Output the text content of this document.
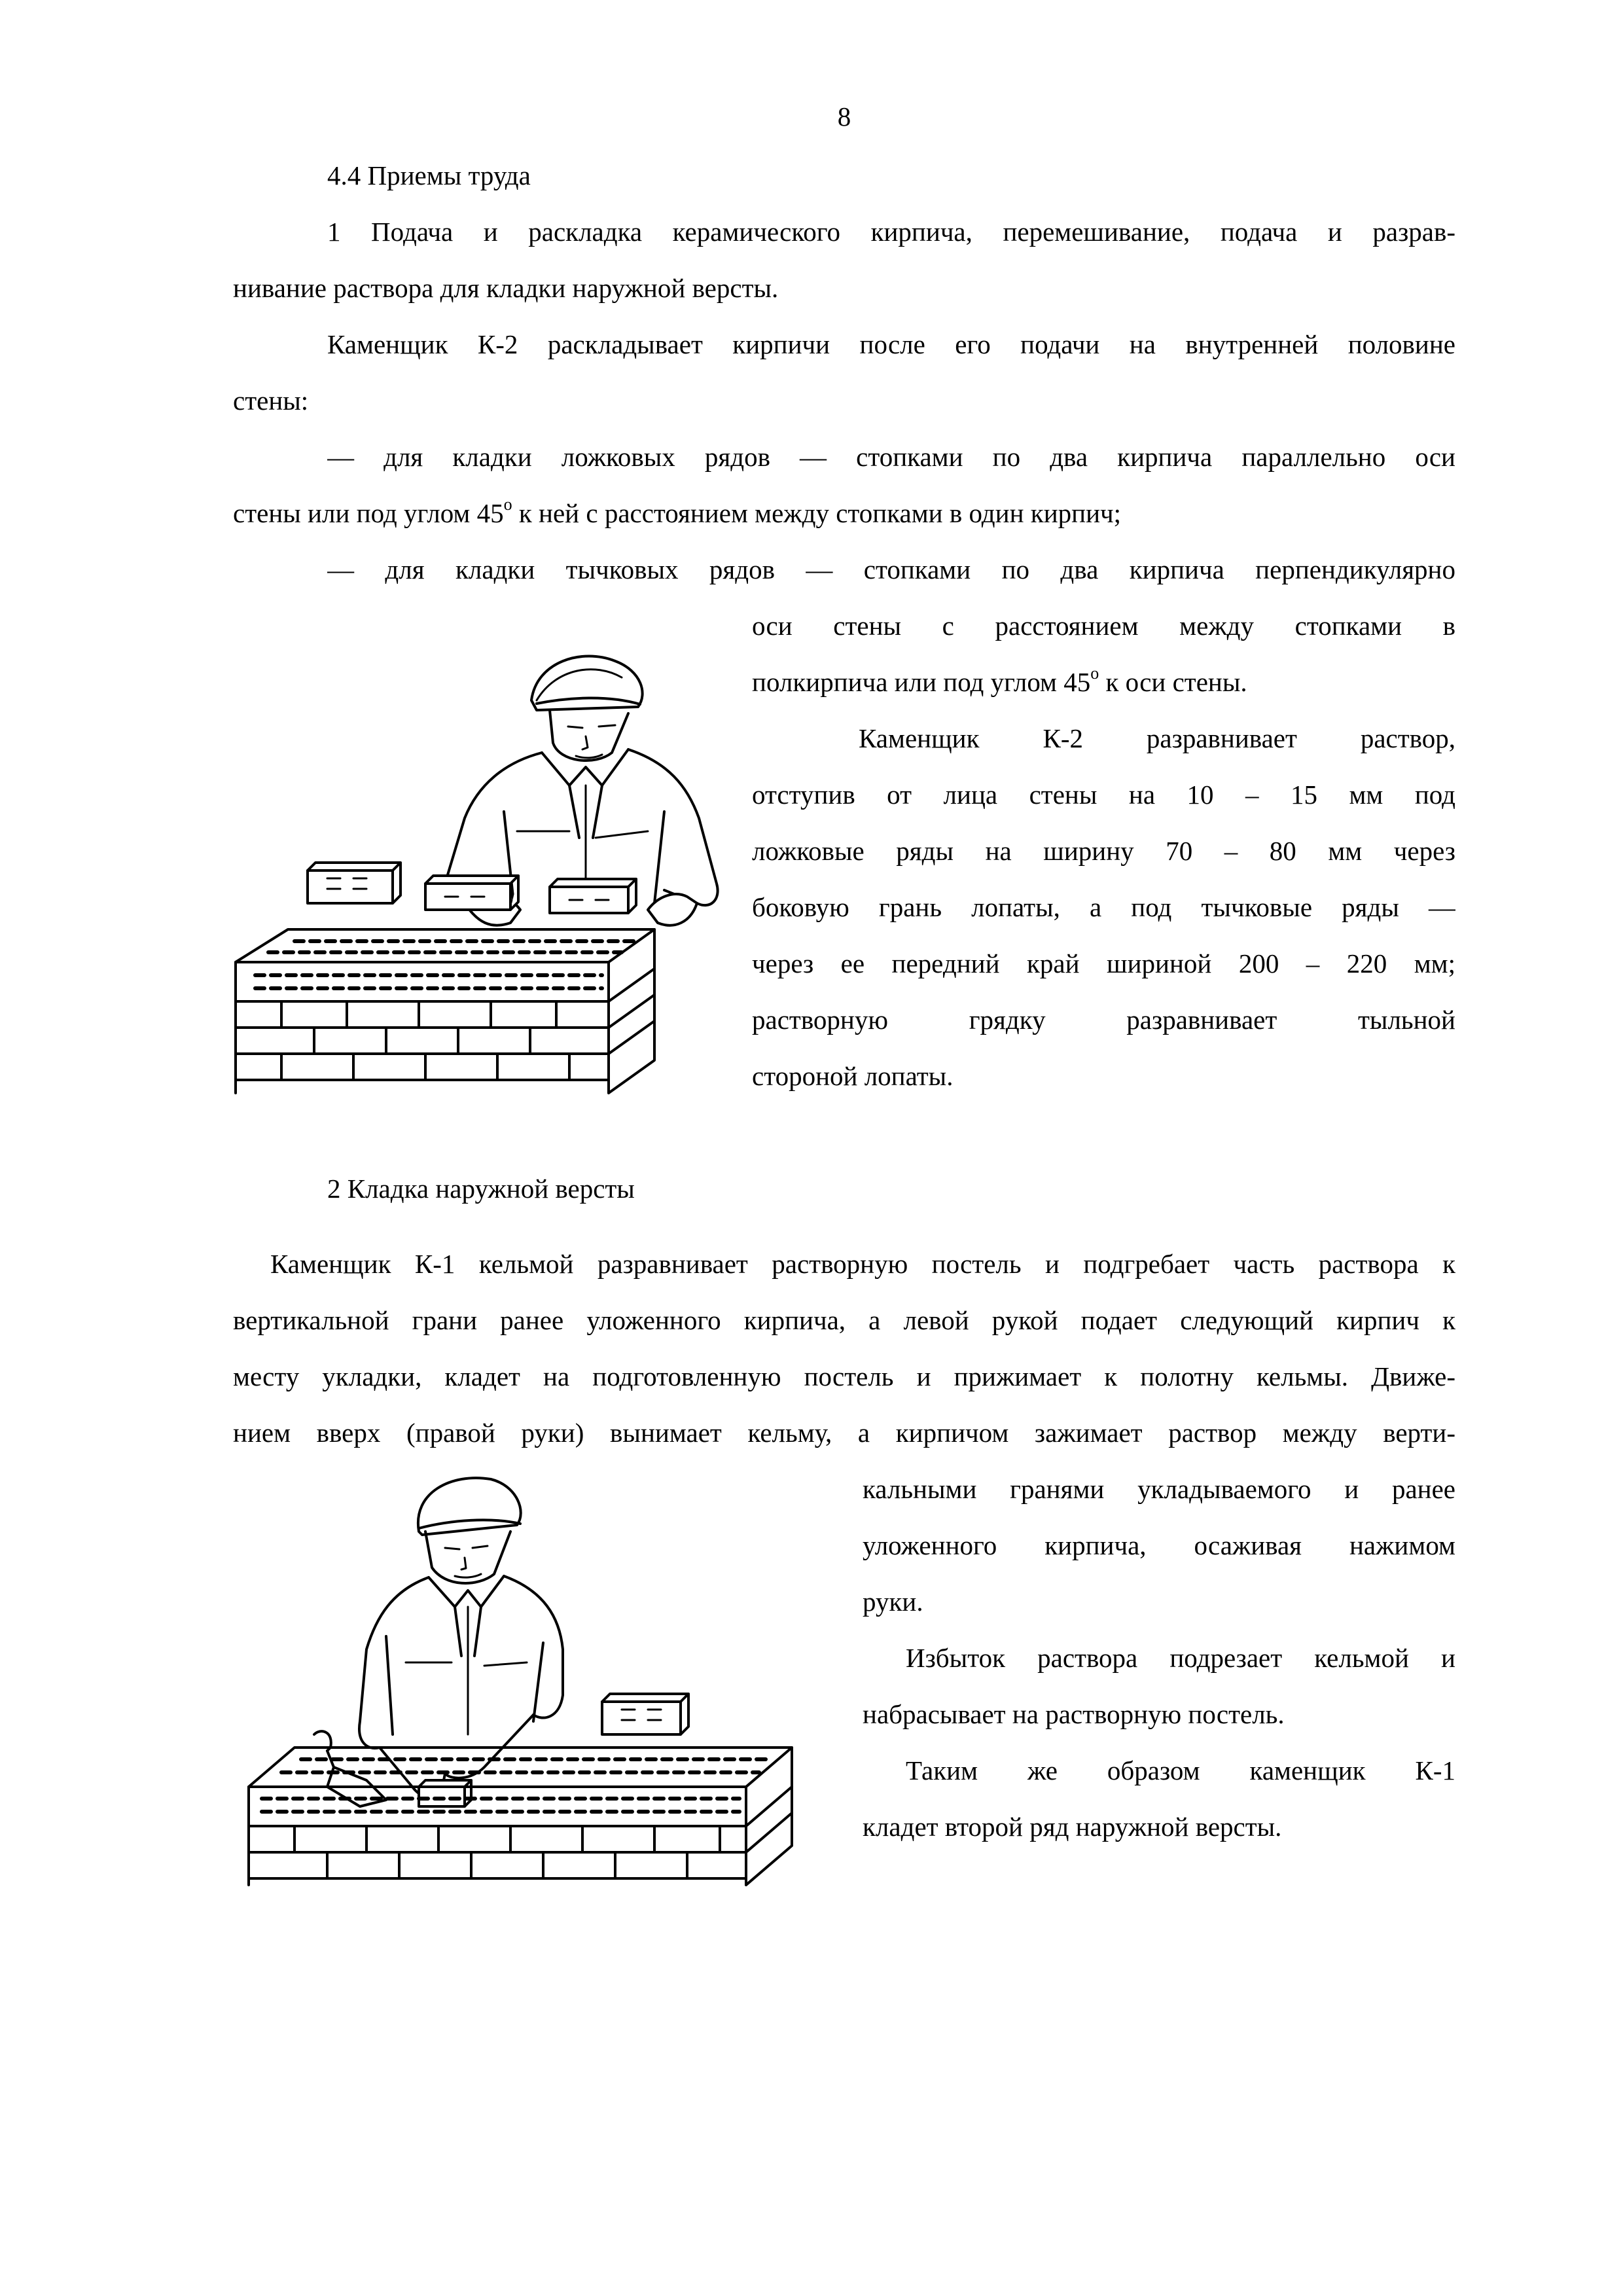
8

4.4 Приемы труда

1 Подача и раскладка керамического кирпича, перемешивание, подача и разрав-

нивание раствора для кладки наружной версты.

Каменщик К-2 раскладывает кирпичи после его подачи на внутренней половине

стены:

— для кладки ложковых рядов — стопками по два кирпича параллельно оси

стены или под углом $45^о$ к ней с расстоянием между стопками в один кирпич;

— для кладки тычковых рядов — стопками по два кирпича перпендикулярно

оси стены с расстоянием между стопками в

полкирпича или под углом $45^о$ к оси стены.

Каменщик К-2 разравнивает раствор,

отступив от лица стены на 10 – 15 мм под

ложковые ряды на ширину 70 – 80 мм через

боковую грань лопаты, а под тычковые ряды —

через ее передний край шириной 200 – 220 мм;

растворную грядку разравнивает тыльной

стороной лопаты.

2 Кладка наружной версты

Каменщик К-1 кельмой разравнивает растворную постель и подгребает часть раствора к

вертикальной грани ранее уложенного кирпича, а левой рукой подает следующий кирпич к

месту укладки, кладет на подготовленную постель и прижимает к полотну кельмы. Движе-

нием вверх (правой руки) вынимает кельму, а кирпичом зажимает раствор между верти-

кальными гранями укладываемого и ранее

уложенного кирпича, осаживая нажимом

руки.

Избыток раствора подрезает кельмой и

набрасывает на растворную постель.

Таким же образом каменщик К-1

кладет второй ряд наружной версты.
